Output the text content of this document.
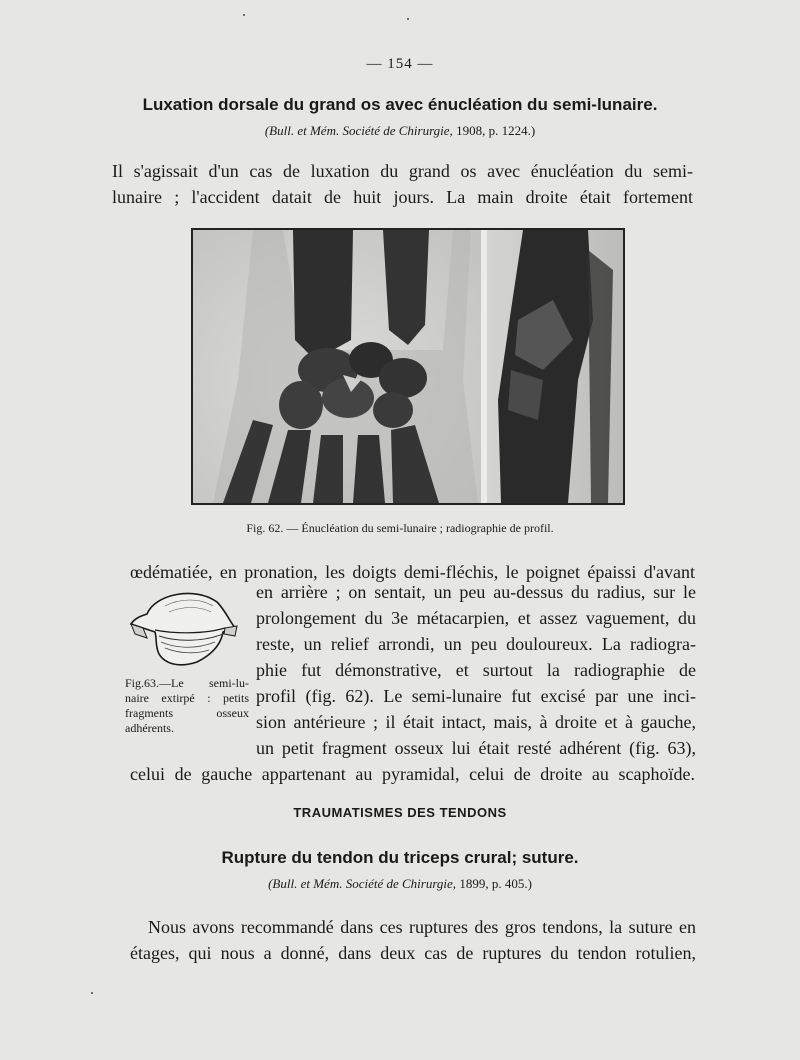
— 154 —
Luxation dorsale du grand os avec énucléation du semi-lunaire.
(Bull. et Mém. Société de Chirurgie, 1908, p. 1224.)
Il s'agissait d'un cas de luxation du grand os avec énucléation du semi-
lunaire ; l'accident datait de huit jours. La main droite était fortement
Fig. 62. — Énucléation du semi-lunaire ; radiographie de profil.
œdématiée, en pronation, les doigts demi-fléchis, le poignet épaissi d'avant
Fig.63.—Le semi-lu-
naire extirpé : petits
fragments osseux
adhérents.
en arrière ; on sentait, un peu au-dessus du radius, sur le
prolongement du 3e métacarpien, et assez vaguement, du
reste, un relief arrondi, un peu douloureux. La radiogra-
phie fut démonstrative, et surtout la radiographie de
profil (fig. 62). Le semi-lunaire fut excisé par une inci-
sion antérieure ; il était intact, mais, à droite et à gauche,
un petit fragment osseux lui était resté adhérent (fig. 63),
celui de gauche appartenant au pyramidal, celui de droite au scaphoïde.
TRAUMATISMES DES TENDONS
Rupture du tendon du triceps crural; suture.
(Bull. et Mém. Société de Chirurgie, 1899, p. 405.)
Nous avons recommandé dans ces ruptures des gros tendons, la suture en
étages, qui nous a donné, dans deux cas de ruptures du tendon rotulien,
